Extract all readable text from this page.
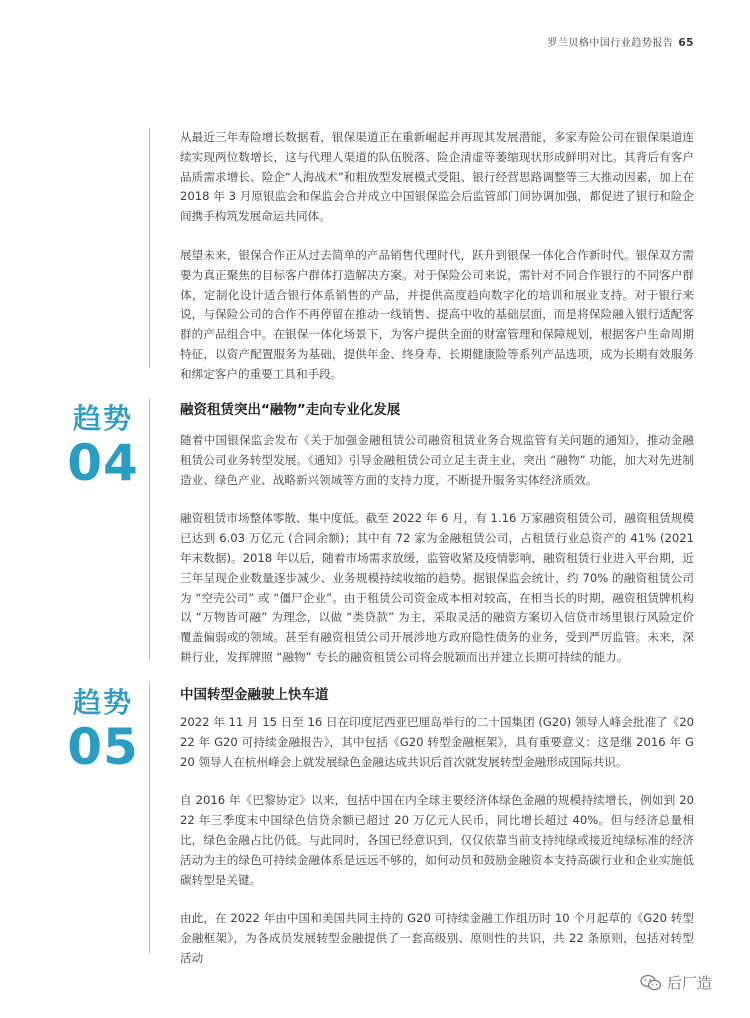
罗兰贝格中国行业趋势报告 65

从最近三年寿险增长数据看，银保渠道正在重新崛起并再现其发展潜能，多家寿险公司在银保渠道连续实现两位数增长，这与代理人渠道的队伍脱落、险企清虚等萎缩现状形成鲜明对比。其背后有客户品质需求增长、险企“人海战术”和粗放型发展模式受阻、银行经营思路调整等三大推动因素，加上在 2018 年 3 月原银监会和保监会合并成立中国银保监会后监管部门间协调加强，都促进了银行和险企间携手构筑发展命运共同体。

展望未来，银保合作正从过去简单的产品销售代理时代，跃升到银保一体化合作新时代。银保双方需要为真正聚焦的目标客户群体打造解决方案。对于保险公司来说，需针对不同合作银行的不同客户群体，定制化设计适合银行体系销售的产品，并提供高度趋向数字化的培训和展业支持。对于银行来说，与保险公司的合作不再停留在推动一线销售、提高中收的基础层面，而是将保险融入银行适配客群的产品组合中。在银保一体化场景下，为客户提供全面的财富管理和保障规划，根据客户生命周期特征，以资产配置服务为基础，提供年金、终身寿、长期健康险等系列产品选项，成为长期有效服务和绑定客户的重要工具和手段。

趋势
04
融资租赁突出“融物”走向专业化发展

随着中国银保监会发布《关于加强金融租赁公司融资租赁业务合规监管有关问题的通知》，推动金融租赁公司业务转型发展。《通知》引导金融租赁公司立足主责主业，突出 “融物” 功能，加大对先进制造业、绿色产业、战略新兴领域等方面的支持力度，不断提升服务实体经济质效。

融资租赁市场整体零散、集中度低。截至 2022 年 6 月，有 1.16 万家融资租赁公司，融资租赁规模已达到 6.03 万亿元 (合同余额)；其中有 72 家为金融租赁公司，占租赁行业总资产的 41% (2021 年末数据)。2018 年以后，随着市场需求放缓，监管收紧及疫情影响，融资租赁行业进入平台期，近三年呈现企业数量逐步减少、业务规模持续收缩的趋势。据银保监会统计，约 70% 的融资租赁公司为 “空壳公司” 或 “僵尸企业”。由于租赁公司资金成本相对较高，在相当长的时期，融资租赁牌机构以 “万物皆可融” 为理念，以做 “类贷款” 为主，采取灵活的融资方案切入信贷市场里银行风险定价覆盖偏弱或的领域。甚至有融资租赁公司开展涉地方政府隐性债务的业务，受到严厉监管。未来，深耕行业，发挥牌照 “融物” 专长的融资租赁公司将会脱颖而出并建立长期可持续的能力。

趋势
05
中国转型金融驶上快车道

2022 年 11 月 15 日至 16 日在印度尼西亚巴厘岛举行的二十国集团 (G20) 领导人峰会批准了《2022 年 G20 可持续金融报告》，其中包括《G20 转型金融框架》，具有重要意义：这是继 2016 年 G20 领导人在杭州峰会上就发展绿色金融达成共识后首次就发展转型金融形成国际共识。

自 2016 年《巴黎协定》以来，包括中国在内全球主要经济体绿色金融的规模持续增长，例如到 2022 年三季度末中国绿色信贷余额已超过 20 万亿元人民币，同比增长超过 40%。但与经济总量相比，绿色金融占比仍低。与此同时，各国已经意识到，仅仅依靠当前支持纯绿或接近纯绿标准的经济活动为主的绿色可持续金融体系是远远不够的，如何动员和鼓励金融资本支持高碳行业和企业实施低碳转型是关键。

由此，在 2022 年由中国和美国共同主持的 G20 可持续金融工作组历时 10 个月起草的《G20 转型金融框架》，为各成员发展转型金融提供了一套高级别、原则性的共识，共 22 条原则，包括对转型活动

后厂造
